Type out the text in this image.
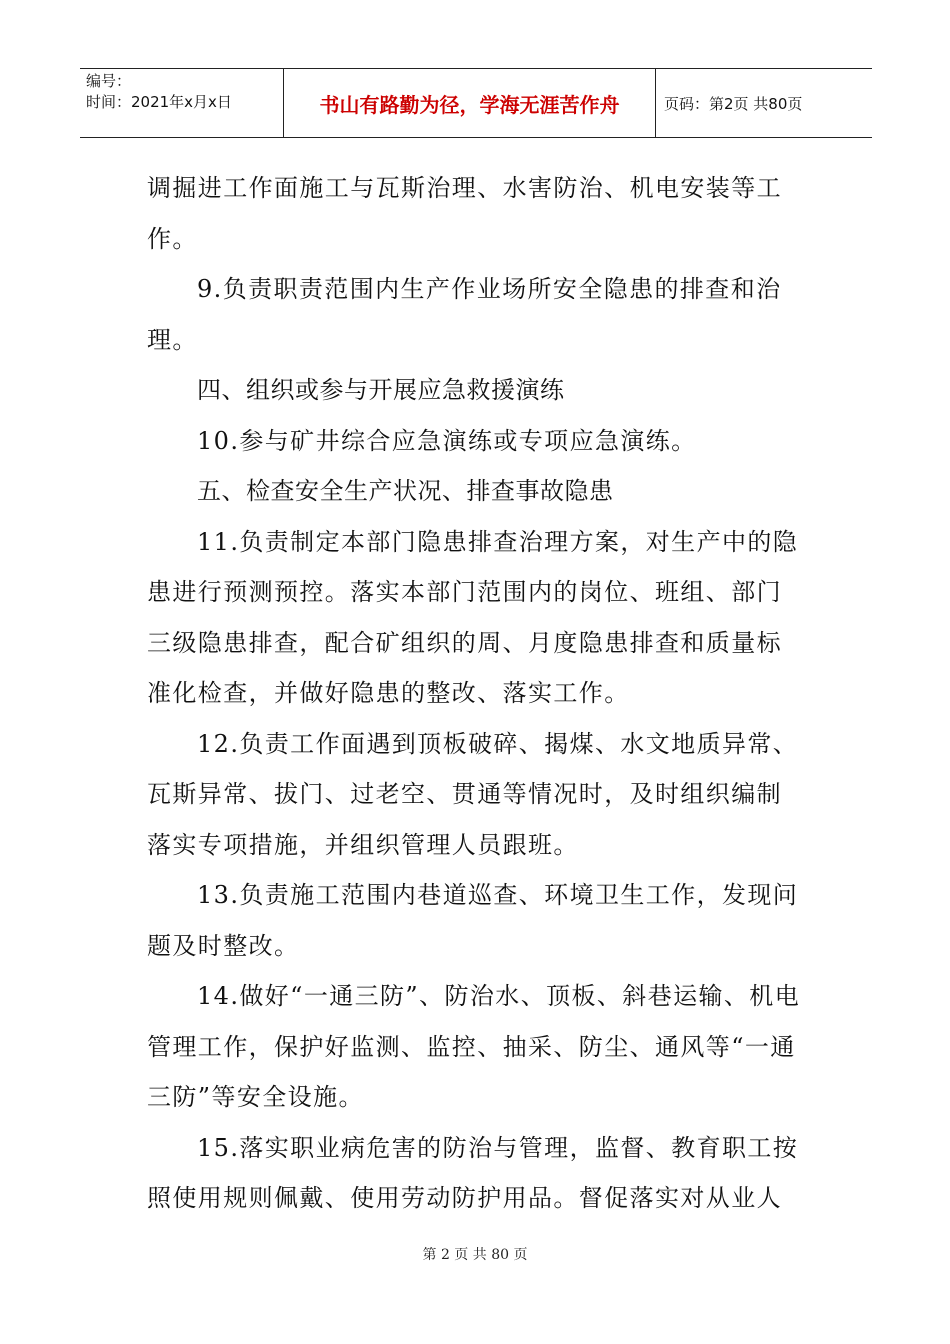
编号：
时间：2021年x月x日	书山有路勤为径，学海无涯苦作舟	页码：第2页 共80页

调掘进工作面施工与瓦斯治理、水害防治、机电安装等工作。

9.负责职责范围内生产作业场所安全隐患的排查和治理。

四、组织或参与开展应急救援演练

10.参与矿井综合应急演练或专项应急演练。

五、检查安全生产状况、排查事故隐患

11.负责制定本部门隐患排查治理方案，对生产中的隐患进行预测预控。落实本部门范围内的岗位、班组、部门三级隐患排查，配合矿组织的周、月度隐患排查和质量标准化检查，并做好隐患的整改、落实工作。

12.负责工作面遇到顶板破碎、揭煤、水文地质异常、瓦斯异常、拔门、过老空、贯通等情况时，及时组织编制落实专项措施，并组织管理人员跟班。

13.负责施工范围内巷道巡查、环境卫生工作，发现问题及时整改。

14.做好“一通三防”、防治水、顶板、斜巷运输、机电管理工作，保护好监测、监控、抽采、防尘、通风等“一通三防”等安全设施。

15.落实职业病危害的防治与管理，监督、教育职工按照使用规则佩戴、使用劳动防护用品。督促落实对从业人

第 2 页 共 80 页
